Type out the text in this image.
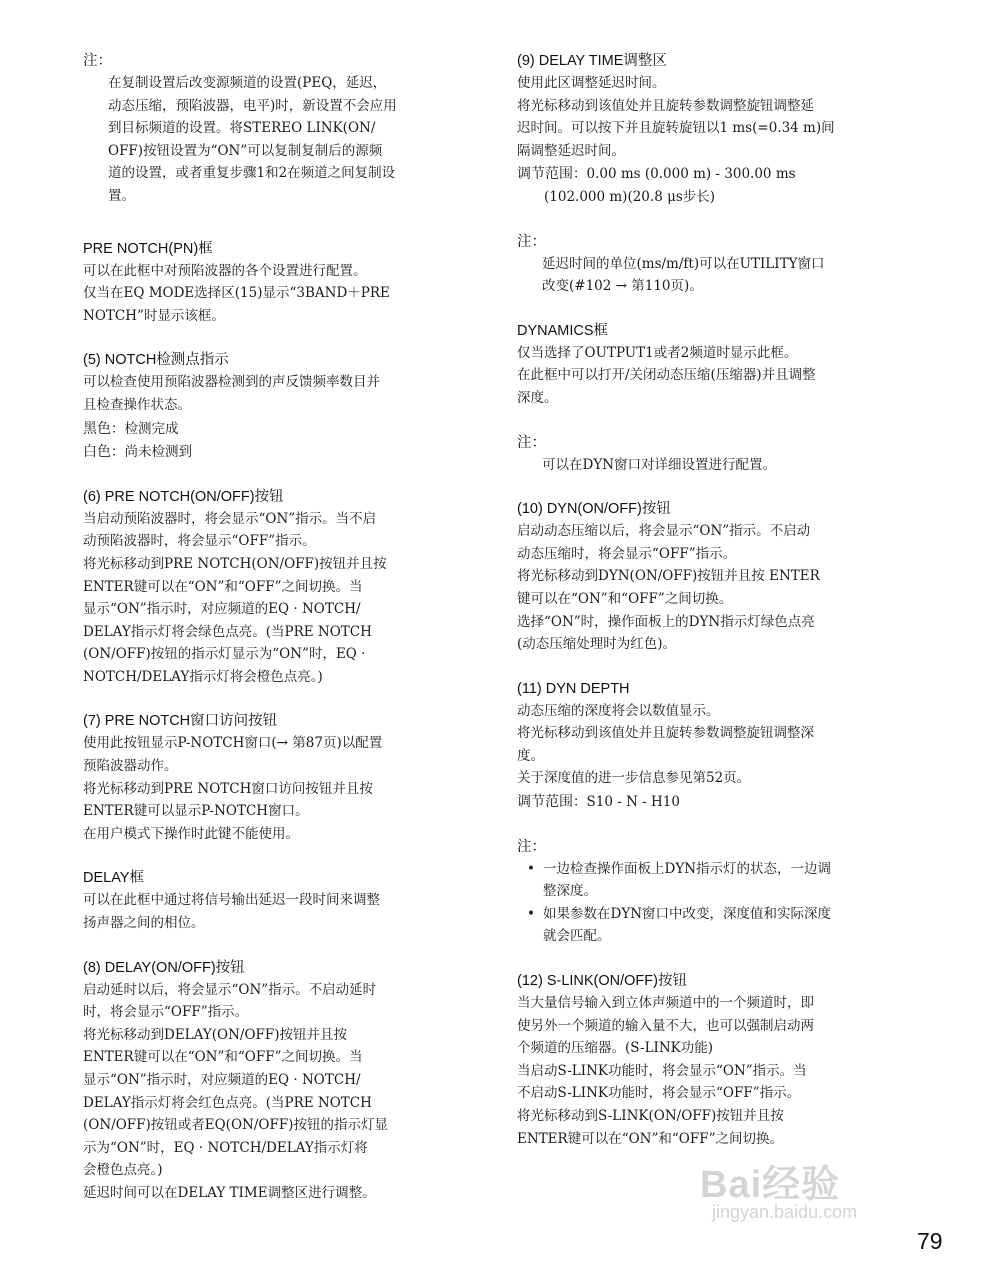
注：

在复制设置后改变源频道的设置(PEQ，延迟，
动态压缩，预陷波器，电平)时，新设置不会应用
到目标频道的设置。将STEREO LINK(ON/
OFF)按钮设置为“ON”可以复制复制后的源频
道的设置，或者重复步骤1和2在频道之间复制设
置。

PRE NOTCH(PN)框

可以在此框中对预陷波器的各个设置进行配置。
仅当在EQ MODE选择区(15)显示“3BAND＋PRE
NOTCH”时显示该框。

(5) NOTCH检测点指示

可以检查使用预陷波器检测到的声反馈频率数目并
且检查操作状态。
黑色：检测完成
白色：尚未检测到

(6) PRE NOTCH(ON/OFF)按钮

当启动预陷波器时，将会显示“ON”指示。当不启
动预陷波器时，将会显示“OFF”指示。
将光标移动到PRE NOTCH(ON/OFF)按钮并且按
ENTER键可以在“ON”和“OFF”之间切换。当
显示“ON”指示时，对应频道的EQ · NOTCH/
DELAY指示灯将会绿色点亮。(当PRE NOTCH
(ON/OFF)按钮的指示灯显示为“ON”时，EQ ·
NOTCH/DELAY指示灯将会橙色点亮。)

(7) PRE NOTCH窗口访问按钮

使用此按钮显示P-NOTCH窗口(→ 第87页)以配置
预陷波器动作。
将光标移动到PRE NOTCH窗口访问按钮并且按
ENTER键可以显示P-NOTCH窗口。
在用户模式下操作时此键不能使用。

DELAY框

可以在此框中通过将信号输出延迟一段时间来调整
扬声器之间的相位。

(8) DELAY(ON/OFF)按钮

启动延时以后，将会显示“ON”指示。不启动延时
时，将会显示“OFF”指示。
将光标移动到DELAY(ON/OFF)按钮并且按
ENTER键可以在“ON”和“OFF”之间切换。当
显示“ON”指示时，对应频道的EQ · NOTCH/
DELAY指示灯将会红色点亮。(当PRE NOTCH
(ON/OFF)按钮或者EQ(ON/OFF)按钮的指示灯显
示为“ON”时，EQ · NOTCH/DELAY指示灯将
会橙色点亮。)
延迟时间可以在DELAY TIME调整区进行调整。

(9) DELAY TIME调整区

使用此区调整延迟时间。
将光标移动到该值处并且旋转参数调整旋钮调整延
迟时间。可以按下并且旋转旋钮以1 ms(=0.34 m)间
隔调整延迟时间。
调节范围：0.00 ms (0.000 m) - 300.00 ms
(102.000 m)(20.8 μs步长)

注：

延迟时间的单位(ms/m/ft)可以在UTILITY窗口
改变(#102 → 第110页)。

DYNAMICS框

仅当选择了OUTPUT1或者2频道时显示此框。
在此框中可以打开/关闭动态压缩(压缩器)并且调整
深度。

注：

可以在DYN窗口对详细设置进行配置。

(10) DYN(ON/OFF)按钮

启动动态压缩以后，将会显示“ON”指示。不启动
动态压缩时，将会显示“OFF”指示。
将光标移动到DYN(ON/OFF)按钮并且按 ENTER
键可以在“ON”和“OFF”之间切换。
选择“ON”时，操作面板上的DYN指示灯绿色点亮
(动态压缩处理时为红色)。

(11) DYN DEPTH

动态压缩的深度将会以数值显示。
将光标移动到该值处并且旋转参数调整旋钮调整深
度。
关于深度值的进一步信息参见第52页。
调节范围：S10 - N - H10

注：

• 一边检查操作面板上DYN指示灯的状态，一边调
整深度。
• 如果参数在DYN窗口中改变，深度值和实际深度
就会匹配。

(12) S-LINK(ON/OFF)按钮

当大量信号输入到立体声频道中的一个频道时，即
使另外一个频道的输入量不大，也可以强制启动两
个频道的压缩器。(S-LINK功能)
当启动S-LINK功能时，将会显示“ON”指示。当
不启动S-LINK功能时，将会显示“OFF”指示。
将光标移动到S-LINK(ON/OFF)按钮并且按
ENTER键可以在“ON”和“OFF”之间切换。
Bai经验
jingyan.baidu.com
79
